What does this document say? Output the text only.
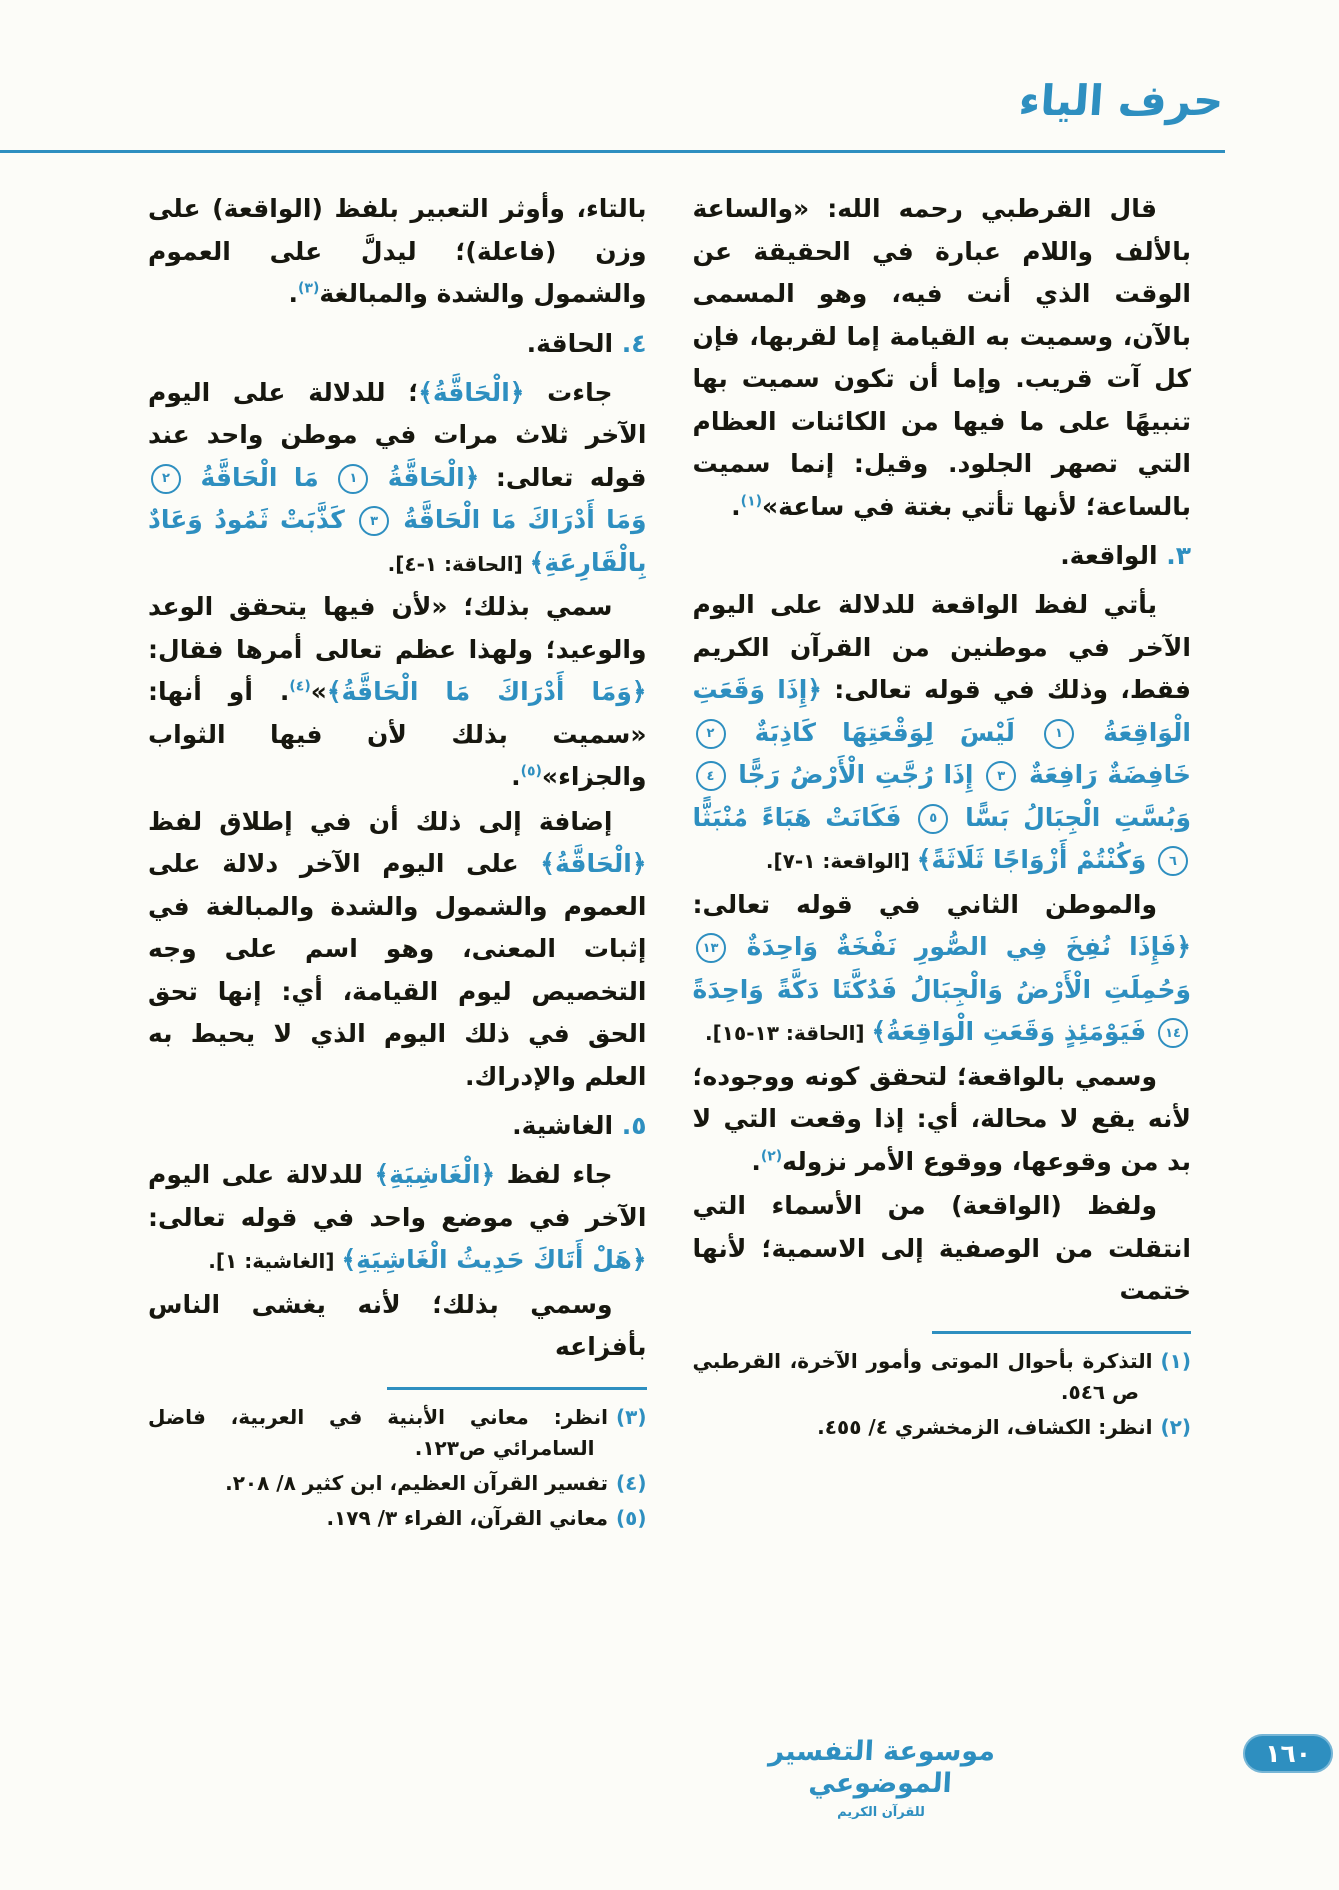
حرف الياء

قال القرطبي رحمه الله: «والساعة بالألف واللام عبارة في الحقيقة عن الوقت الذي أنت فيه، وهو المسمى بالآن، وسميت به القيامة إما لقربها، فإن كل آت قريب. وإما أن تكون سميت بها تنبيهًا على ما فيها من الكائنات العظام التي تصهر الجلود. وقيل: إنما سميت بالساعة؛ لأنها تأتي بغتة في ساعة»$^{(١)}$.

٣. الواقعة.

يأتي لفظ الواقعة للدلالة على اليوم الآخر في موطنين من القرآن الكريم فقط، وذلك في قوله تعالى: ﴿إِذَا وَقَعَتِ الْوَاقِعَةُ ١ لَيْسَ لِوَقْعَتِهَا كَاذِبَةٌ ٢ خَافِضَةٌ رَافِعَةٌ ٣ إِذَا رُجَّتِ الْأَرْضُ رَجًّا ٤ وَبُسَّتِ الْجِبَالُ بَسًّا ٥ فَكَانَتْ هَبَاءً مُنْبَثًّا ٦ وَكُنْتُمْ أَزْوَاجًا ثَلَاثَةً﴾ [الواقعة: ١-٧].

والموطن الثاني في قوله تعالى: ﴿فَإِذَا نُفِخَ فِي الصُّورِ نَفْخَةٌ وَاحِدَةٌ ١٣ وَحُمِلَتِ الْأَرْضُ وَالْجِبَالُ فَدُكَّتَا دَكَّةً وَاحِدَةً ١٤ فَيَوْمَئِذٍ وَقَعَتِ الْوَاقِعَةُ﴾ [الحاقة: ١٣-١٥].

وسمي بالواقعة؛ لتحقق كونه ووجوده؛ لأنه يقع لا محالة، أي: إذا وقعت التي لا بد من وقوعها، ووقوع الأمر نزوله$^{(٢)}$.

ولفظ (الواقعة) من الأسماء التي انتقلت من الوصفية إلى الاسمية؛ لأنها ختمت

(١)التذكرة بأحوال الموتى وأمور الآخرة، القرطبي ص ٥٤٦.
(٢)انظر: الكشاف، الزمخشري ٤/ ٤٥٥.

بالتاء، وأوثر التعبير بلفظ (الواقعة) على وزن (فاعلة)؛ ليدلَّ على العموم والشمول والشدة والمبالغة$^{(٣)}$.

٤. الحاقة.

جاءت ﴿الْحَاقَّةُ﴾؛ للدلالة على اليوم الآخر ثلاث مرات في موطن واحد عند قوله تعالى: ﴿الْحَاقَّةُ ١ مَا الْحَاقَّةُ ٢ وَمَا أَدْرَاكَ مَا الْحَاقَّةُ ٣ كَذَّبَتْ ثَمُودُ وَعَادٌ بِالْقَارِعَةِ﴾ [الحاقة: ١-٤].

سمي بذلك؛ «لأن فيها يتحقق الوعد والوعيد؛ ولهذا عظم تعالى أمرها فقال: ﴿وَمَا أَدْرَاكَ مَا الْحَاقَّةُ﴾»$^{(٤)}$. أو أنها: «سميت بذلك لأن فيها الثواب والجزاء»$^{(٥)}$.

إضافة إلى ذلك أن في إطلاق لفظ ﴿الْحَاقَّةُ﴾ على اليوم الآخر دلالة على العموم والشمول والشدة والمبالغة في إثبات المعنى، وهو اسم على وجه التخصيص ليوم القيامة، أي: إنها تحق الحق في ذلك اليوم الذي لا يحيط به العلم والإدراك.

٥. الغاشية.

جاء لفظ ﴿الْغَاشِيَةِ﴾ للدلالة على اليوم الآخر في موضع واحد في قوله تعالى: ﴿هَلْ أَتَاكَ حَدِيثُ الْغَاشِيَةِ﴾ [الغاشية: ١].

وسمي بذلك؛ لأنه يغشى الناس بأفزاعه

(٣)انظر: معاني الأبنية في العربية، فاضل السامرائي ص١٢٣.
(٤)تفسير القرآن العظيم، ابن كثير ٨/ ٢٠٨.
(٥)معاني القرآن، الفراء ٣/ ١٧٩.
موسوعة التفسير الموضوعي
للقرآن الكريم
١٦٠
